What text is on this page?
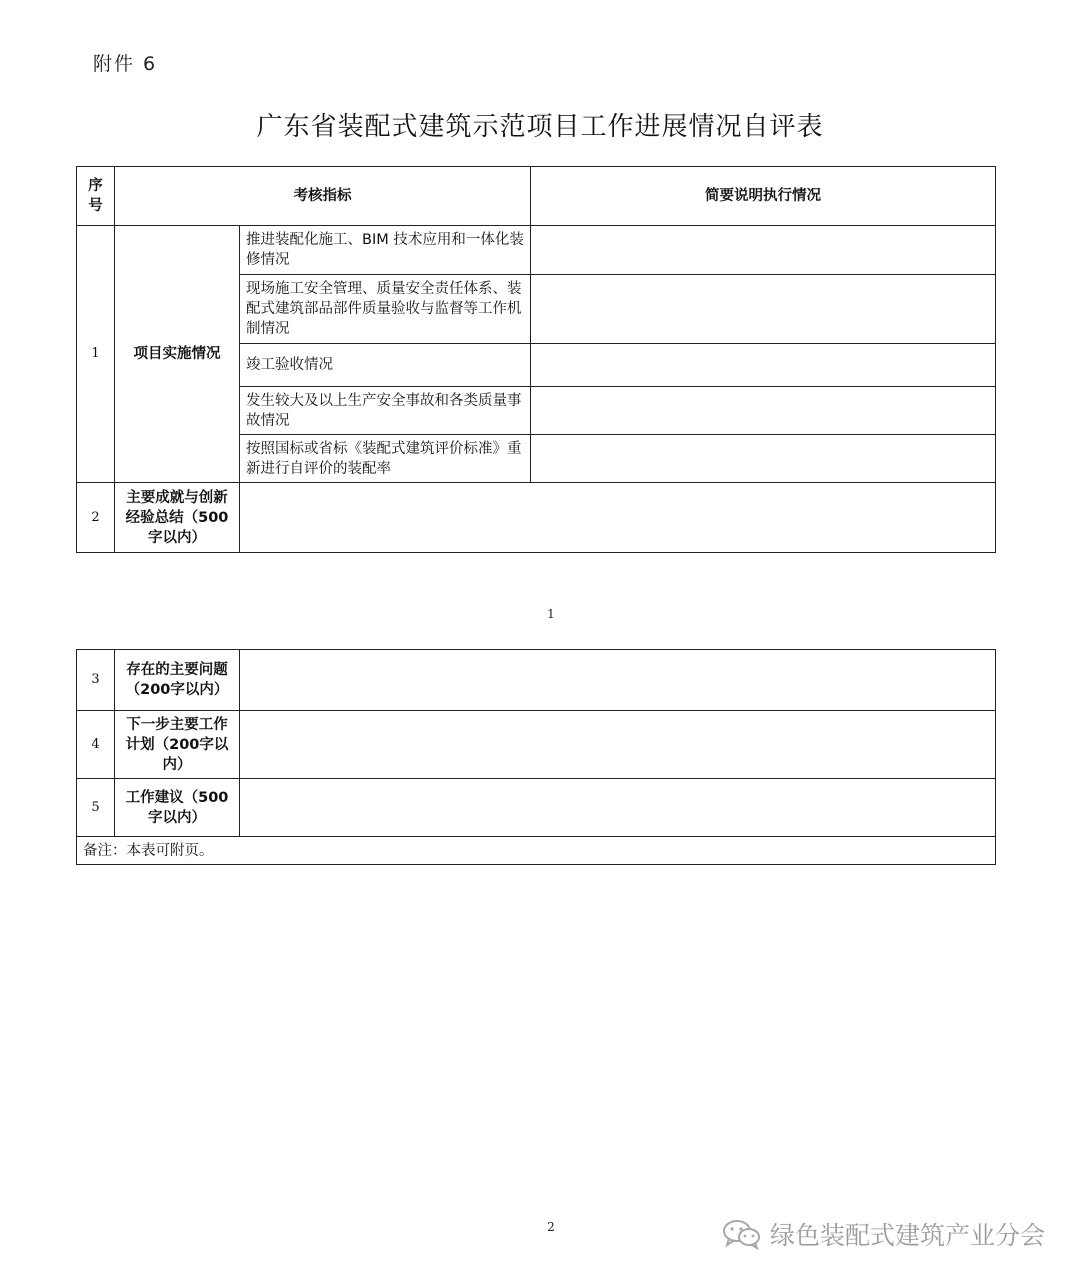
附件 6
广东省装配式建筑示范项目工作进展情况自评表
序号	考核指标		简要说明执行情况
1	项目实施情况	推进装配化施工、BIM 技术应用和一体化装修情况	
		现场施工安全管理、质量安全责任体系、装配式建筑部品部件质量验收与监督等工作机制情况	
		竣工验收情况	
		发生较大及以上生产安全事故和各类质量事故情况	
		按照国标或省标《装配式建筑评价标准》重新进行自评价的装配率	
2	主要成就与创新经验总结（500字以内）		
1
3	存在的主要问题（200字以内）	
4	下一步主要工作计划（200字以内）	
5	工作建议（500字以内）	
备注：本表可附页。		
2	绿色装配式建筑产业分会
